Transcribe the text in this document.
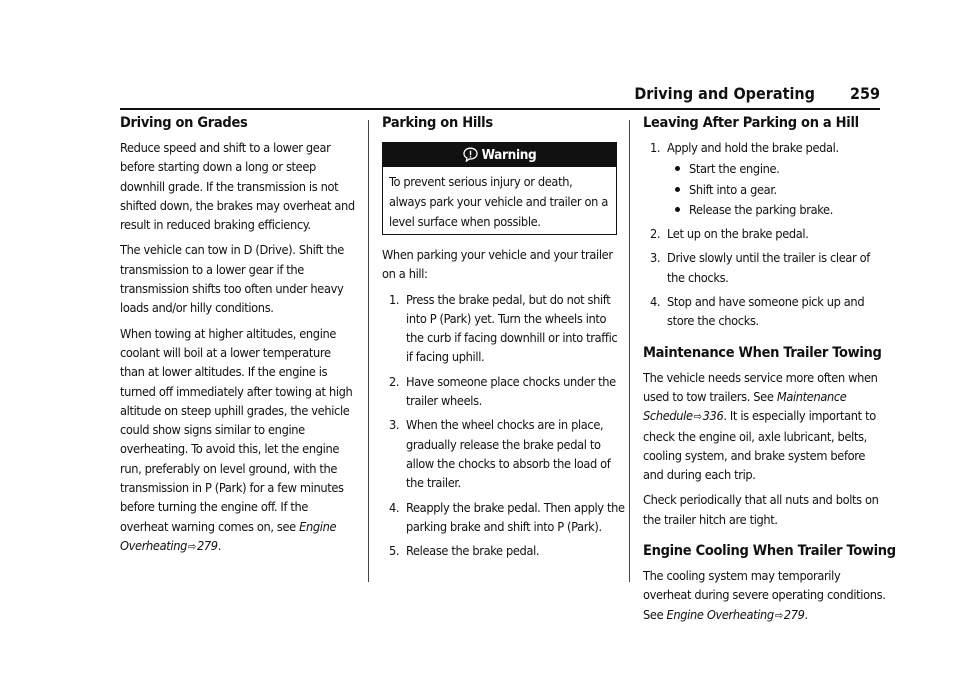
Driving and Operating 259
Driving on Grades

Reduce speed and shift to a lower gear
before starting down a long or steep
downhill grade. If the transmission is not
shifted down, the brakes may overheat and
result in reduced braking efficiency.

The vehicle can tow in D (Drive). Shift the
transmission to a lower gear if the
transmission shifts too often under heavy
loads and/or hilly conditions.

When towing at higher altitudes, engine
coolant will boil at a lower temperature
than at lower altitudes. If the engine is
turned off immediately after towing at high
altitude on steep uphill grades, the vehicle
could show signs similar to engine
overheating. To avoid this, let the engine
run, preferably on level ground, with the
transmission in P (Park) for a few minutes
before turning the engine off. If the
overheat warning comes on, see Engine
Overheating⇨279.

Parking on Hills
Warning
To prevent serious injury or death,
always park your vehicle and trailer on a
level surface when possible.

When parking your vehicle and your trailer
on a hill:

1. Press the brake pedal, but do not shift
into P (Park) yet. Turn the wheels into
the curb if facing downhill or into traffic
if facing uphill.
2. Have someone place chocks under the
trailer wheels.
3. When the wheel chocks are in place,
gradually release the brake pedal to
allow the chocks to absorb the load of
the trailer.
4. Reapply the brake pedal. Then apply the
parking brake and shift into P (Park).
5. Release the brake pedal.
Leaving After Parking on a Hill
1. Apply and hold the brake pedal.
Start the engine.
Shift into a gear.
Release the parking brake.
2. Let up on the brake pedal.
3. Drive slowly until the trailer is clear of
the chocks.
4. Stop and have someone pick up and
store the chocks.
Maintenance When Trailer Towing

The vehicle needs service more often when
used to tow trailers. See Maintenance
Schedule⇨336. It is especially important to
check the engine oil, axle lubricant, belts,
cooling system, and brake system before
and during each trip.

Check periodically that all nuts and bolts on
the trailer hitch are tight.

Engine Cooling When Trailer Towing

The cooling system may temporarily
overheat during severe operating conditions.
See Engine Overheating⇨279.
